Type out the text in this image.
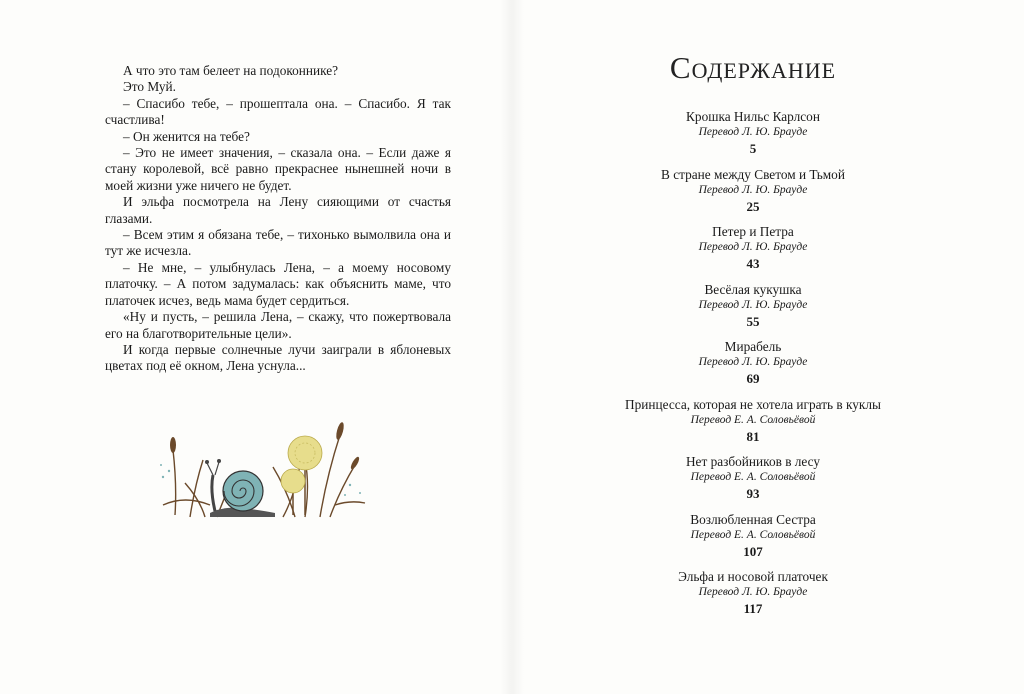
А что это там белеет на подоконнике?

Это Муй.

– Спасибо тебе, – прошептала она. – Спасибо. Я так счастлива!

– Он женится на тебе?

– Это не имеет значения, – сказала она. – Если даже я стану королевой, всё равно прекраснее нынешней ночи в моей жизни уже ничего не будет.

И эльфа посмотрела на Лену сияющими от счастья глазами.

– Всем этим я обязана тебе, – тихонько вымолвила она и тут же исчезла.

– Не мне, – улыбнулась Лена, – а моему носовому платочку. – А потом задумалась: как объяснить маме, что платочек исчез, ведь мама будет сердиться.

«Ну и пусть, – решила Лена, – скажу, что пожертвовала его на благотворительные цели».

И когда первые солнечные лучи заиграли в яблоневых цветах под её окном, Лена уснула...

Содержание
Крошка Нильс Карлсон
Перевод Л. Ю. Брауде
5
В стране между Светом и Тьмой
Перевод Л. Ю. Брауде
25
Петер и Петра
Перевод Л. Ю. Брауде
43
Весёлая кукушка
Перевод Л. Ю. Брауде
55
Мирабель
Перевод Л. Ю. Брауде
69
Принцесса, которая не хотела играть в куклы
Перевод Е. А. Соловьёвой
81
Нет разбойников в лесу
Перевод Е. А. Соловьёвой
93
Возлюбленная Сестра
Перевод Е. А. Соловьёвой
107
Эльфа и носовой платочек
Перевод Л. Ю. Брауде
117
